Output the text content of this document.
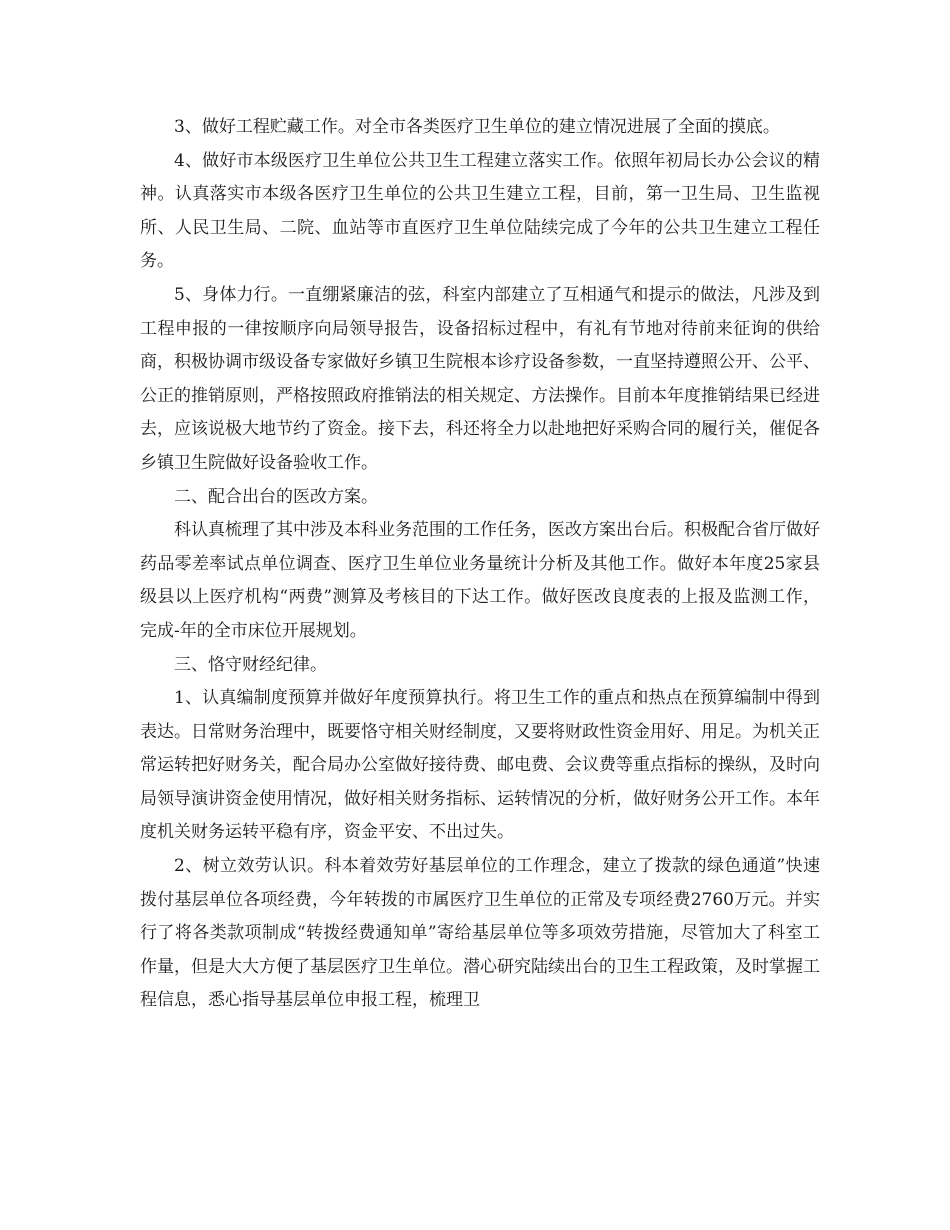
3、做好工程贮藏工作。对全市各类医疗卫生单位的建立情况进展了全面的摸底。

4、做好市本级医疗卫生单位公共卫生工程建立落实工作。依照年初局长办公会议的精神。认真落实市本级各医疗卫生单位的公共卫生建立工程，目前，第一卫生局、卫生监视所、人民卫生局、二院、血站等市直医疗卫生单位陆续完成了今年的公共卫生建立工程任务。

5、身体力行。一直绷紧廉洁的弦，科室内部建立了互相通气和提示的做法，凡涉及到工程申报的一律按顺序向局领导报告，设备招标过程中，有礼有节地对待前来征询的供给商，积极协调市级设备专家做好乡镇卫生院根本诊疗设备参数，一直坚持遵照公开、公平、公正的推销原则，严格按照政府推销法的相关规定、方法操作。目前本年度推销结果已经进去，应该说极大地节约了资金。接下去，科还将全力以赴地把好采购合同的履行关，催促各乡镇卫生院做好设备验收工作。

二、配合出台的医改方案。

科认真梳理了其中涉及本科业务范围的工作任务，医改方案出台后。积极配合省厅做好药品零差率试点单位调查、医疗卫生单位业务量统计分析及其他工作。做好本年度25家县级县以上医疗机构“两费”测算及考核目的下达工作。做好医改良度表的上报及监测工作，完成-年的全市床位开展规划。

三、恪守财经纪律。

1、认真编制度预算并做好年度预算执行。将卫生工作的重点和热点在预算编制中得到表达。日常财务治理中，既要恪守相关财经制度，又要将财政性资金用好、用足。为机关正常运转把好财务关，配合局办公室做好接待费、邮电费、会议费等重点指标的操纵，及时向局领导演讲资金使用情况，做好相关财务指标、运转情况的分析，做好财务公开工作。本年度机关财务运转平稳有序，资金平安、不出过失。

2、树立效劳认识。科本着效劳好基层单位的工作理念，建立了拨款的绿色通道”快速拨付基层单位各项经费，今年转拨的市属医疗卫生单位的正常及专项经费2760万元。并实行了将各类款项制成“转拨经费通知单”寄给基层单位等多项效劳措施，尽管加大了科室工作量，但是大大方便了基层医疗卫生单位。潜心研究陆续出台的卫生工程政策，及时掌握工程信息，悉心指导基层单位申报工程，梳理卫
